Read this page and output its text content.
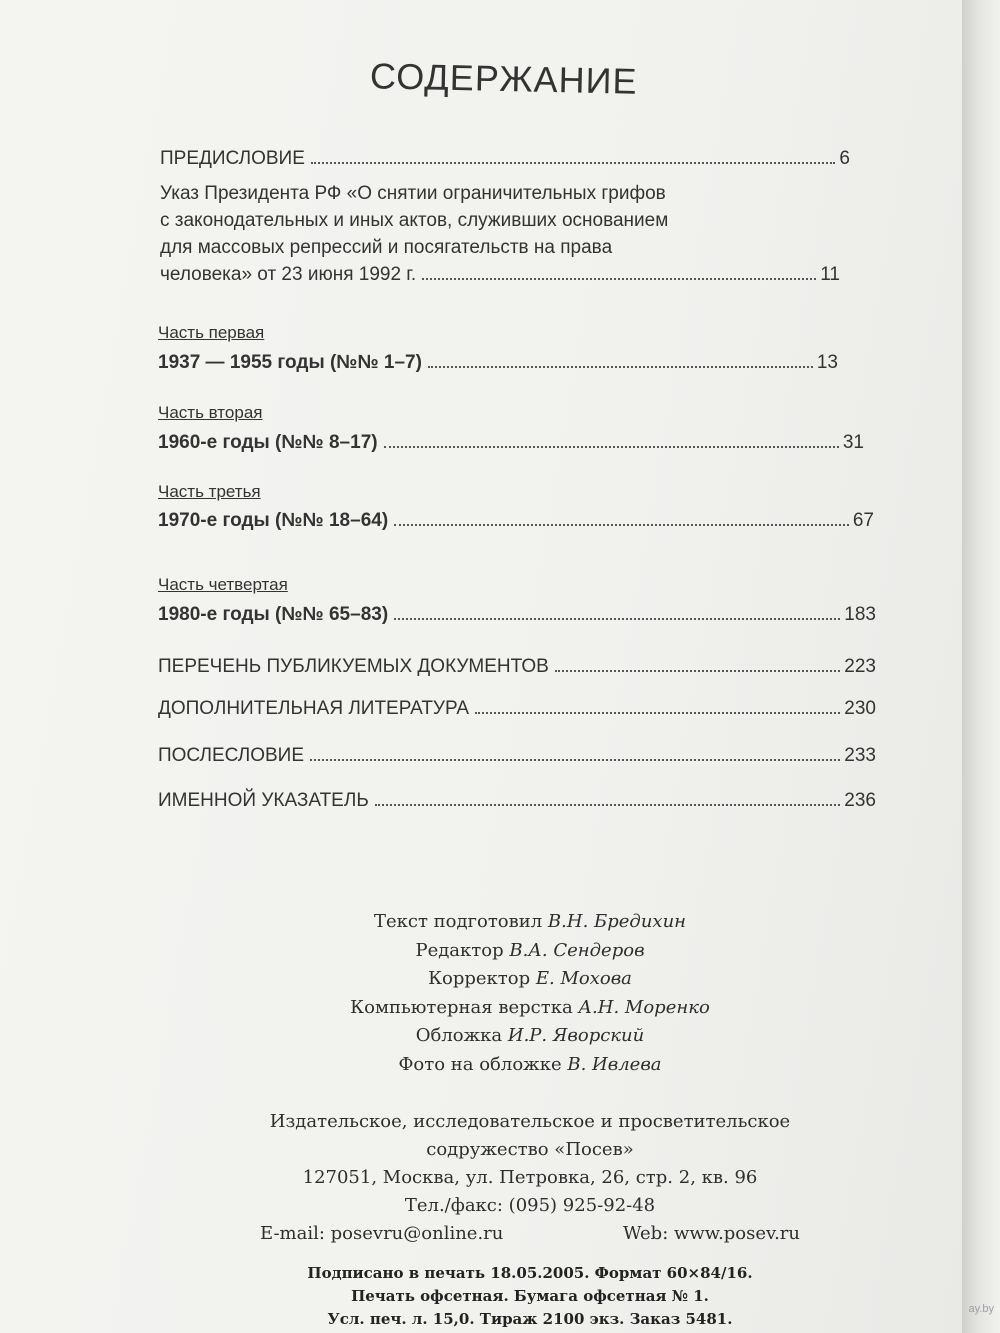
СОДЕРЖАНИЕ
ПРЕДИСЛОВИЕ	6
Указ Президента РФ «О снятии ограничительных грифов
с законодательных и иных актов, служивших основанием
для массовых репрессий и посягательств на права
человека» от 23 июня 1992 г.	11
Часть первая
1937 — 1955 годы (№№ 1–7)	13
Часть вторая
1960-е годы (№№ 8–17)	31
Часть третья
1970-е годы (№№ 18–64)	67
Часть четвертая
1980-е годы (№№ 65–83)	183
ПЕРЕЧЕНЬ ПУБЛИКУЕМЫХ ДОКУМЕНТОВ	223
ДОПОЛНИТЕЛЬНАЯ ЛИТЕРАТУРА	230
ПОСЛЕСЛОВИЕ	233
ИМЕННОЙ УКАЗАТЕЛЬ	236
Текст подготовил В.Н. Бредихин
Редактор В.А. Сендеров
Корректор Е. Мохова
Компьютерная верстка А.Н. Моренко
Обложка И.Р. Яворский
Фото на обложке В. Ивлева
Издательское, исследовательское и просветительское
содружество «Посев»
127051, Москва, ул. Петровка, 26, стр. 2, кв. 96
Тел./факс: (095) 925-92-48
E-mail: posevru@online.ru	Web: www.posev.ru
Подписано в печать 18.05.2005. Формат 60×84/16.
Печать офсетная. Бумага офсетная № 1.
Усл. печ. л. 15,0. Тираж 2100 экз. Заказ 5481.
ay.by
